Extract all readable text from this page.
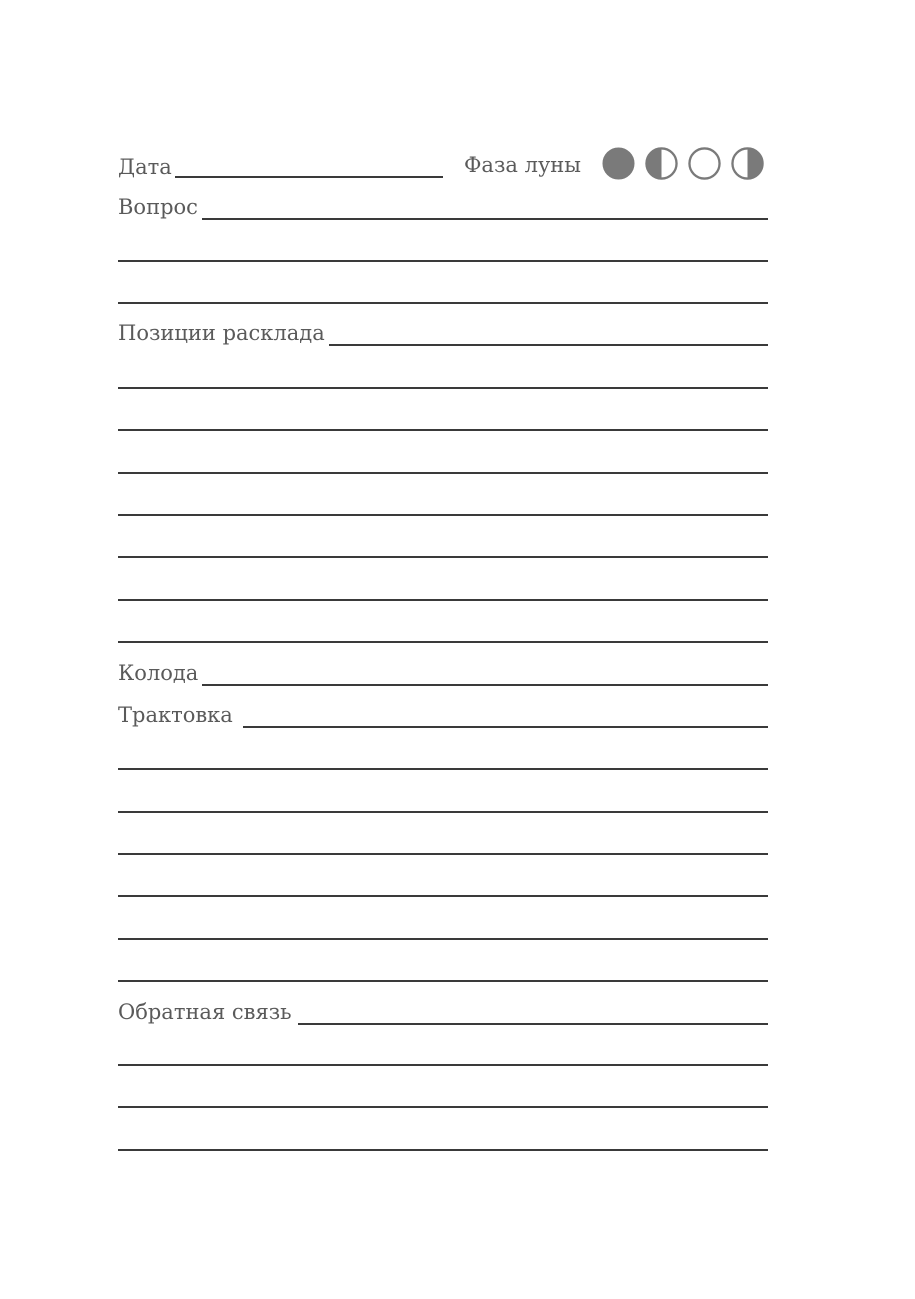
Дата	Фаза луны
Вопрос
Позиции расклада
Колода
Трактовка
Обратная связь
